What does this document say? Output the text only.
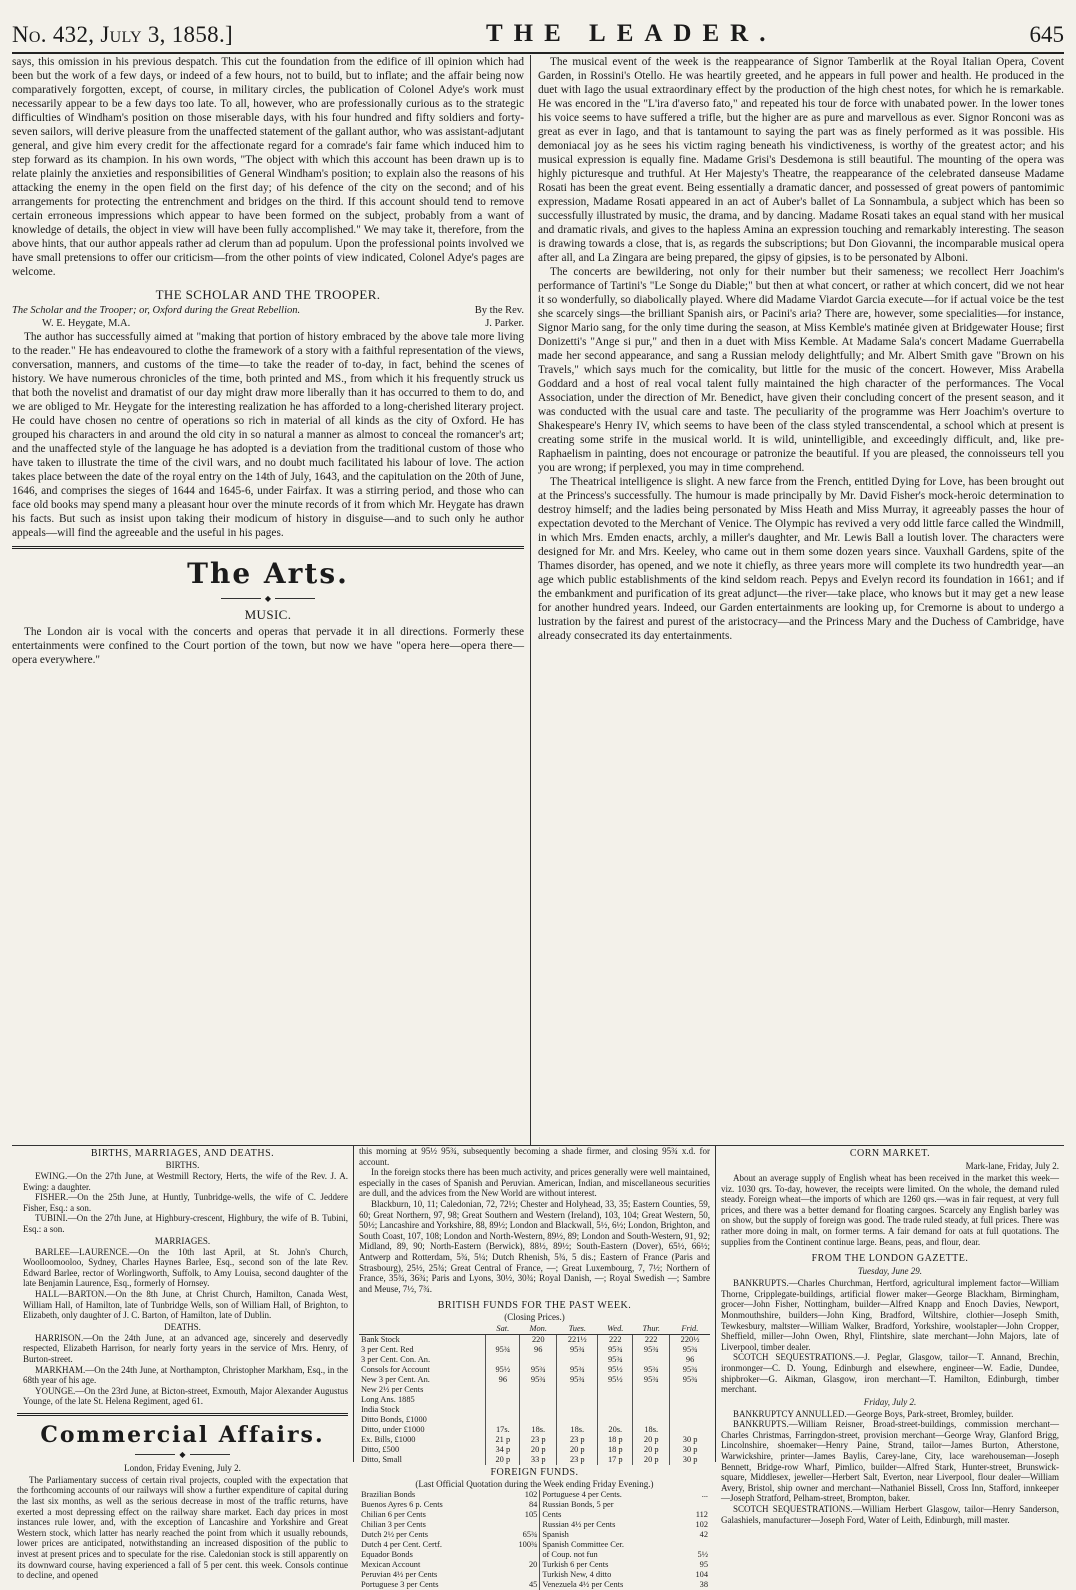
No. 432, July 3, 1858.]	THE LEADER.	645

says, this omission in his previous despatch. This cut the foundation from the edifice of ill opinion which had been but the work of a few days, or indeed of a few hours, not to build, but to inflate; and the affair being now comparatively forgotten, except, of course, in military circles, the publication of Colonel Adye's work must necessarily appear to be a few days too late. To all, however, who are professionally curious as to the strategic difficulties of Windham's position on those miserable days, with his four hundred and fifty soldiers and forty-seven sailors, will derive pleasure from the unaffected statement of the gallant author, who was assistant-adjutant general, and give him every credit for the affectionate regard for a comrade's fair fame which induced him to step forward as its champion. In his own words, "The object with which this account has been drawn up is to relate plainly the anxieties and responsibilities of General Windham's position; to explain also the reasons of his attacking the enemy in the open field on the first day; of his defence of the city on the second; and of his arrangements for protecting the entrenchment and bridges on the third. If this account should tend to remove certain erroneous impressions which appear to have been formed on the subject, probably from a want of knowledge of details, the object in view will have been fully accomplished." We may take it, therefore, from the above hints, that our author appeals rather ad clerum than ad populum. Upon the professional points involved we have small pretensions to offer our criticism—from the other points of view indicated, Colonel Adye's pages are welcome.

THE SCHOLAR AND THE TROOPER.
The Scholar and the Trooper; or, Oxford during the Great Rebellion.	By the Rev.
W. E. Heygate, M.A.	J. Parker.

The author has successfully aimed at "making that portion of history embraced by the above tale more living to the reader." He has endeavoured to clothe the framework of a story with a faithful representation of the views, conversation, manners, and customs of the time—to take the reader of to-day, in fact, behind the scenes of history. We have numerous chronicles of the time, both printed and MS., from which it his frequently struck us that both the novelist and dramatist of our day might draw more liberally than it has occurred to them to do, and we are obliged to Mr. Heygate for the interesting realization he has afforded to a long-cherished literary project. He could have chosen no centre of operations so rich in material of all kinds as the city of Oxford. He has grouped his characters in and around the old city in so natural a manner as almost to conceal the romancer's art; and the unaffected style of the language he has adopted is a deviation from the traditional custom of those who have taken to illustrate the time of the civil wars, and no doubt much facilitated his labour of love. The action takes place between the date of the royal entry on the 14th of July, 1643, and the capitulation on the 20th of June, 1646, and comprises the sieges of 1644 and 1645-6, under Fairfax. It was a stirring period, and those who can face old books may spend many a pleasant hour over the minute records of it from which Mr. Heygate has drawn his facts. But such as insist upon taking their modicum of history in disguise—and to such only he author appeals—will find the agreeable and the useful in his pages.

The Arts.
◆
MUSIC.

The London air is vocal with the concerts and operas that pervade it in all directions. Formerly these entertainments were confined to the Court portion of the town, but now we have "opera here—opera there—opera everywhere."

The musical event of the week is the reappearance of Signor Tamberlik at the Royal Italian Opera, Covent Garden, in Rossini's Otello. He was heartily greeted, and he appears in full power and health. He produced in the duet with Iago the usual extraordinary effect by the production of the high chest notes, for which he is remarkable. He was encored in the "L'ira d'averso fato," and repeated his tour de force with unabated power. In the lower tones his voice seems to have suffered a trifle, but the higher are as pure and marvellous as ever. Signor Ronconi was as great as ever in Iago, and that is tantamount to saying the part was as finely performed as it was possible. His demoniacal joy as he sees his victim raging beneath his vindictiveness, is worthy of the greatest actor; and his musical expression is equally fine. Madame Grisi's Desdemona is still beautiful. The mounting of the opera was highly picturesque and truthful. At Her Majesty's Theatre, the reappearance of the celebrated danseuse Madame Rosati has been the great event. Being essentially a dramatic dancer, and possessed of great powers of pantomimic expression, Madame Rosati appeared in an act of Auber's ballet of La Sonnambula, a subject which has been so successfully illustrated by music, the drama, and by dancing. Madame Rosati takes an equal stand with her musical and dramatic rivals, and gives to the hapless Amina an expression touching and remarkably interesting. The season is drawing towards a close, that is, as regards the subscriptions; but Don Giovanni, the incomparable musical opera after all, and La Zingara are being prepared, the gipsy of gipsies, is to be personated by Alboni.

The concerts are bewildering, not only for their number but their sameness; we recollect Herr Joachim's performance of Tartini's "Le Songe du Diable;" but then at what concert, or rather at which concert, did we not hear it so wonderfully, so diabolically played. Where did Madame Viardot Garcia execute—for if actual voice be the test she scarcely sings—the brilliant Spanish airs, or Pacini's aria? There are, however, some specialities—for instance, Signor Mario sang, for the only time during the season, at Miss Kemble's matinée given at Bridgewater House; first Donizetti's "Ange si pur," and then in a duet with Miss Kemble. At Madame Sala's concert Madame Guerrabella made her second appearance, and sang a Russian melody delightfully; and Mr. Albert Smith gave "Brown on his Travels," which says much for the comicality, but little for the music of the concert. However, Miss Arabella Goddard and a host of real vocal talent fully maintained the high character of the performances. The Vocal Association, under the direction of Mr. Benedict, have given their concluding concert of the present season, and it was conducted with the usual care and taste. The peculiarity of the programme was Herr Joachim's overture to Shakespeare's Henry IV, which seems to have been of the class styled transcendental, a school which at present is creating some strife in the musical world. It is wild, unintelligible, and exceedingly difficult, and, like pre-Raphaelism in painting, does not encourage or patronize the beautiful. If you are pleased, the connoisseurs tell you you are wrong; if perplexed, you may in time comprehend.

The Theatrical intelligence is slight. A new farce from the French, entitled Dying for Love, has been brought out at the Princess's successfully. The humour is made principally by Mr. David Fisher's mock-heroic determination to destroy himself; and the ladies being personated by Miss Heath and Miss Murray, it agreeably passes the hour of expectation devoted to the Merchant of Venice. The Olympic has revived a very odd little farce called the Windmill, in which Mrs. Emden enacts, archly, a miller's daughter, and Mr. Lewis Ball a loutish lover. The characters were designed for Mr. and Mrs. Keeley, who came out in them some dozen years since. Vauxhall Gardens, spite of the Thames disorder, has opened, and we note it chiefly, as three years more will complete its two hundredth year—an age which public establishments of the kind seldom reach. Pepys and Evelyn record its foundation in 1661; and if the embankment and purification of its great adjunct—the river—take place, who knows but it may get a new lease for another hundred years. Indeed, our Garden entertainments are looking up, for Cremorne is about to undergo a lustration by the fairest and purest of the aristocracy—and the Princess Mary and the Duchess of Cambridge, have already consecrated its day entertainments.

BIRTHS, MARRIAGES, AND DEATHS.
BIRTHS.

EWING.—On the 27th June, at Westmill Rectory, Herts, the wife of the Rev. J. A. Ewing: a daughter.

FISHER.—On the 25th June, at Huntly, Tunbridge-wells, the wife of C. Jeddere Fisher, Esq.: a son.

TUBINI.—On the 27th June, at Highbury-crescent, Highbury, the wife of B. Tubini, Esq.: a son.

MARRIAGES.

BARLEE—LAURENCE.—On the 10th last April, at St. John's Church, Woolloomooloo, Sydney, Charles Haynes Barlee, Esq., second son of the late Rev. Edward Barlee, rector of Worlingworth, Suffolk, to Amy Louisa, second daughter of the late Benjamin Laurence, Esq., formerly of Hornsey.

HALL—BARTON.—On the 8th June, at Christ Church, Hamilton, Canada West, William Hall, of Hamilton, late of Tunbridge Wells, son of William Hall, of Brighton, to Elizabeth, only daughter of J. C. Barton, of Hamilton, late of Dublin.

DEATHS.

HARRISON.—On the 24th June, at an advanced age, sincerely and deservedly respected, Elizabeth Harrison, for nearly forty years in the service of Mrs. Henry, of Burton-street.

MARKHAM.—On the 24th June, at Northampton, Christopher Markham, Esq., in the 68th year of his age.

YOUNGE.—On the 23rd June, at Bicton-street, Exmouth, Major Alexander Augustus Younge, of the late St. Helena Regiment, aged 61.

Commercial Affairs.
◆
London, Friday Evening, July 2.

The Parliamentary success of certain rival projects, coupled with the expectation that the forthcoming accounts of our railways will show a further expenditure of capital during the last six months, as well as the serious decrease in most of the traffic returns, have exerted a most depressing effect on the railway share market. Each day prices in most instances rule lower, and, with the exception of Lancashire and Yorkshire and Great Western stock, which latter has nearly reached the point from which it usually rebounds, lower prices are anticipated, notwithstanding an increased disposition of the public to invest at present prices and to speculate for the rise. Caledonian stock is still apparently on its downward course, having experienced a fall of 5 per cent. this week. Consols continue to decline, and opened

this morning at 95½ 95¾, subsequently becoming a shade firmer, and closing 95¾ x.d. for account.

In the foreign stocks there has been much activity, and prices generally were well maintained, especially in the cases of Spanish and Peruvian. American, Indian, and miscellaneous securities are dull, and the advices from the New World are without interest.

Blackburn, 10, 11; Caledonian, 72, 72½; Chester and Holyhead, 33, 35; Eastern Counties, 59, 60; Great Northern, 97, 98; Great Southern and Western (Ireland), 103, 104; Great Western, 50, 50½; Lancashire and Yorkshire, 88, 89½; London and Blackwall, 5½, 6½; London, Brighton, and South Coast, 107, 108; London and North-Western, 89½, 89; London and South-Western, 91, 92; Midland, 89, 90; North-Eastern (Berwick), 88½, 89½; South-Eastern (Dover), 65½, 66½; Antwerp and Rotterdam, 5¾, 5¼; Dutch Rhenish, 5¾, 5 dis.; Eastern of France (Paris and Strasbourg), 25½, 25¾; Great Central of France, —; Great Luxembourg, 7, 7½; Northern of France, 35¾, 36¾; Paris and Lyons, 30½, 30¾; Royal Danish, —; Royal Swedish —; Sambre and Meuse, 7½, 7¾.

BRITISH FUNDS FOR THE PAST WEEK.
(Closing Prices.)
	Sat.	Mon.	Tues.	Wed.	Thur.	Frid.
Bank Stock		220	221½	222	222	220½
3 per Cent. Red	95¾	96	95¾	95¾	95¾	95¾
3 per Cent. Con. An.				95¾		96
Consols for Account	95½	95¾	95¾	95½	95¾	95¾
New 3 per Cent. An.	96	95¾	95¾	95½	95¾	95¾
New 2½ per Cents						
Long Ans. 1885						
India Stock						
Ditto Bonds, £1000						
Ditto, under £1000	17s.	18s.	18s.	20s.	18s.	
Ex. Bills, £1000	21 p	23 p	23 p	18 p	20 p	30 p
Ditto, £500	34 p	20 p	20 p	18 p	20 p	30 p
Ditto, Small	20 p	33 p	23 p	17 p	20 p	30 p
FOREIGN FUNDS.
(Last Official Quotation during the Week ending Friday Evening.)
Brazilian Bonds	102	Portuguese 4 per Cents.	...
Buenos Ayres 6 p. Cents	84	Russian Bonds, 5 per	
Chilian 6 per Cents	105	Cents	112
Chilian 3 per Cents		Russian 4½ per Cents	102
Dutch 2½ per Cents	65¾	Spanish	42
Dutch 4 per Cent. Certf.	100¾	Spanish Committee Cer.	
Equador Bonds		of Coup. not fun	5½
Mexican Account	20	Turkish 6 per Cents	95
Peruvian 4½ per Cents		Turkish New, 4 ditto	104
Portuguese 3 per Cents	45	Venezuela 4½ per Cents	38
CORN MARKET.
Mark-lane, Friday, July 2.

About an average supply of English wheat has been received in the market this week—viz. 1030 qrs. To-day, however, the receipts were limited. On the whole, the demand ruled steady. Foreign wheat—the imports of which are 1260 qrs.—was in fair request, at very full prices, and there was a better demand for floating cargoes. Scarcely any English barley was on show, but the supply of foreign was good. The trade ruled steady, at full prices. There was rather more doing in malt, on former terms. A fair demand for oats at full quotations. The supplies from the Continent continue large. Beans, peas, and flour, dear.

FROM THE LONDON GAZETTE.
Tuesday, June 29.

BANKRUPTS.—Charles Churchman, Hertford, agricultural implement factor—William Thorne, Cripplegate-buildings, artificial flower maker—George Blackham, Birmingham, grocer—John Fisher, Nottingham, builder—Alfred Knapp and Enoch Davies, Newport, Monmouthshire, builders—John King, Bradford, Wiltshire, clothier—Joseph Smith, Tewkesbury, maltster—William Walker, Bradford, Yorkshire, woolstapler—John Cropper, Sheffield, miller—John Owen, Rhyl, Flintshire, slate merchant—John Majors, late of Liverpool, timber dealer.

SCOTCH SEQUESTRATIONS.—J. Peglar, Glasgow, tailor—T. Annand, Brechin, ironmonger—C. D. Young, Edinburgh and elsewhere, engineer—W. Eadie, Dundee, shipbroker—G. Aikman, Glasgow, iron merchant—T. Hamilton, Edinburgh, timber merchant.

Friday, July 2.

BANKRUPTCY ANNULLED.—George Boys, Park-street, Bromley, builder.

BANKRUPTS.—William Reisner, Broad-street-buildings, commission merchant—Charles Christmas, Farringdon-street, provision merchant—George Wray, Glanford Brigg, Lincolnshire, shoemaker—Henry Paine, Strand, tailor—James Burton, Atherstone, Warwickshire, printer—James Baylis, Carey-lane, City, lace warehouseman—Joseph Bennett, Bridge-row Wharf, Pimlico, builder—Alfred Stark, Hunter-street, Brunswick-square, Middlesex, jeweller—Herbert Salt, Everton, near Liverpool, flour dealer—William Avery, Bristol, ship owner and merchant—Nathaniel Bissell, Cross Inn, Stafford, innkeeper—Joseph Stratford, Pelham-street, Brompton, baker.

SCOTCH SEQUESTRATIONS.—William Herbert Glasgow, tailor—Henry Sanderson, Galashiels, manufacturer—Joseph Ford, Water of Leith, Edinburgh, mill master.
